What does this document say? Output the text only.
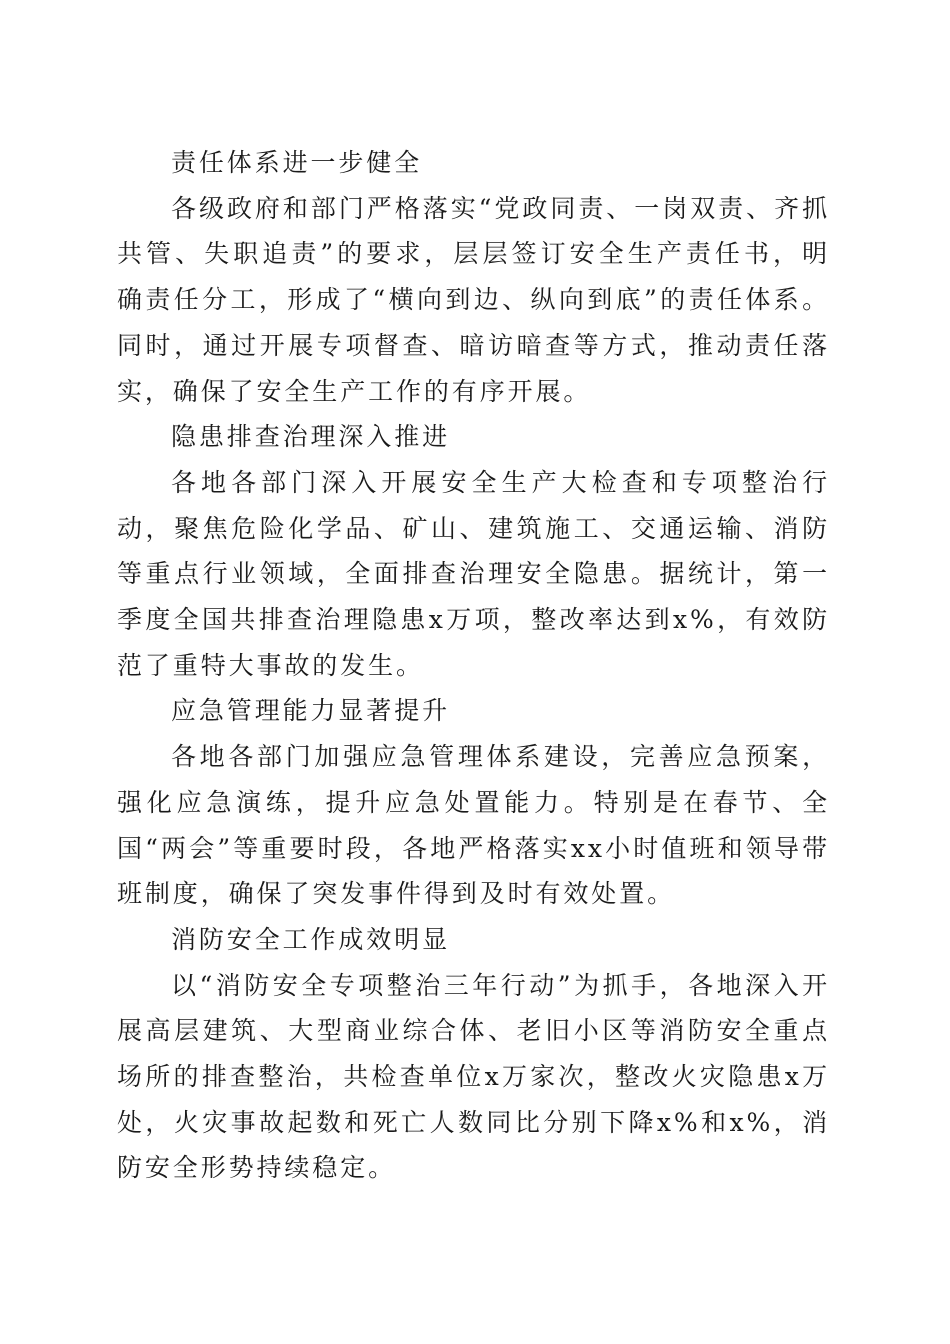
责任体系进一步健全

各级政府和部门严格落实“党政同责、一岗双责、齐抓共管、失职追责”的要求，层层签订安全生产责任书，明确责任分工，形成了“横向到边、纵向到底”的责任体系。同时，通过开展专项督查、暗访暗查等方式，推动责任落实，确保了安全生产工作的有序开展。

隐患排查治理深入推进

各地各部门深入开展安全生产大检查和专项整治行动，聚焦危险化学品、矿山、建筑施工、交通运输、消防等重点行业领域，全面排查治理安全隐患。据统计，第一季度全国共排查治理隐患x万项，整改率达到x%，有效防范了重特大事故的发生。

应急管理能力显著提升

各地各部门加强应急管理体系建设，完善应急预案，强化应急演练，提升应急处置能力。特别是在春节、全国“两会”等重要时段，各地严格落实xx小时值班和领导带班制度，确保了突发事件得到及时有效处置。

消防安全工作成效明显

以“消防安全专项整治三年行动”为抓手，各地深入开展高层建筑、大型商业综合体、老旧小区等消防安全重点场所的排查整治，共检查单位x万家次，整改火灾隐患x万处，火灾事故起数和死亡人数同比分别下降x%和x%，消防安全形势持续稳定。
